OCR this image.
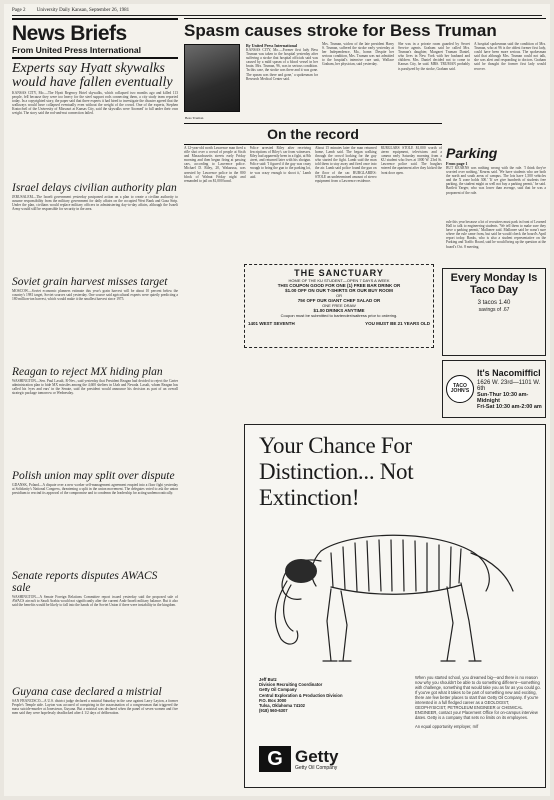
Page 2 University Daily Kansan, September 26, 1981
News Briefs
From United Press International
Experts say Hyatt skywalks would have fallen eventually
KANSAS CITY, Mo.—The Hyatt Regency Hotel skywalks, which collapsed two months ago and killed 113 people, fell because they were too heavy for the steel support rods connecting them, a city study team reported today. In a copyrighted story, the paper said that three experts it had hired to investigate the disaster agreed that the walkways would have collapsed eventually even without the weight of the crowd. One of the experts, Stephen Kratochvil of the University of Missouri at Kansas City, said the skywalks were 'doomed' to fall under their own weight. The story said the rod-and-nut connection failed.
Israel delays civilian authority plan
JERUSALEM—The Israeli government yesterday postponed action on a plan to create a civilian authority to assume responsibility from the military government for daily affairs on the occupied West Bank and Gaza Strip. Under the plan, civilians would replace military officers in administering day-to-day affairs, although the Israeli Army would still be responsible for security in the area.
Soviet grain harvest misses target
MOSCOW—Soviet economic planners estimate this year's grain harvest will be about 10 percent below the country's 1981 target, Soviet sources said yesterday. One source said agricultural experts were quietly predicting a 180 million-ton harvest, which would make it the smallest harvest since 1975.
Reagan to reject MX hiding plan
WASHINGTON—Sen. Paul Laxalt, R-Nev., said yesterday that President Reagan had decided to reject the Carter administration plan to hide MX missiles among the 4,600 shelters in Utah and Nevada. Laxalt, whom Reagan has called his 'eyes and ears' in the Senate, said the president would announce his decision as part of an overall strategic package tomorrow or Wednesday.
Polish union may split over dispute
GDANSK, Poland—A dispute over a new worker self-management agreement erupted into a floor fight yesterday at Solidarity's National Congress, threatening a split in the union movement. The delegates voted to ask the union presidium to rescind its approval of the compromise and to condemn the leadership for acting undemocratically.
Senate reports disputes AWACS sale
WASHINGTON—A Senate Foreign Relations Committee report issued yesterday said the proposed sale of AWACS aircraft to Saudi Arabia would not significantly alter the current Arab-Israeli military balance. But it also said the benefits would be likely to fall into the hands of the Soviet Union if there were instability in the kingdom.
Guyana case declared a mistrial
SAN FRANCISCO—A U.S. district judge declared a mistrial Saturday in the case against Larry Layton, a former People's Temple aide. Layton was accused of conspiring in the assassination of a congressman that triggered the mass suicide-murder at Jonestown, Guyana. But a mistrial was declared when the panel of seven women and five men said they were hopelessly deadlocked after 4 1/2 days of deliberation.
Spasm causes stroke for Bess Truman
Bess Truman
By United Press International
KANSAS CITY, Mo.—Former first lady Bess Truman was taken to the hospital yesterday after suffering a stroke that hospital officials said was caused by a mild spasm of a blood vessel in her brain. Mrs. Truman, 96, was in serious condition. 'In this case, the stroke was there and it was gone. The spasm was there and gone,' a spokesman for Research Medical Center said.
Mrs. Truman, widow of the late president Harry S. Truman, suffered the stroke early yesterday at her Independence, Mo., home. Despite her serious condition, Mrs. Truman was not admitted to the hospital's intensive care unit, Wallace Graham, her physician, said yesterday.
She was in a private room guarded by Secret Service agents. Graham said he called Mrs. Truman's daughter, Margaret Truman Daniel, who lives in New York with her husband and children. Mrs. Daniel decided not to come to Kansas City, he said. MRS. TRUMAN probably is paralyzed by the stroke, Graham said.
A hospital spokesman said the condition of Mrs. Truman, who at 96 is the oldest former first lady, could have been more serious. The spokesman said that although Mrs. Truman could not talk, she was alert and responding to doctors. Graham said he thought the former first lady would recover.
On the record
A 12-year-old north Lawrence man fired a rifle shot over a crowd of people at Sixth and Massachusetts streets early Friday morning and then began firing at passing cars, according to Lawrence police. Michael D. Riley, 20, Wakarusa, was arrested by Lawrence police in the 800 block of Walnut Friday night and remanded to jail on $1,000 bond.
Police arrested Riley after receiving descriptions of Riley's car from witnesses. Riley had apparently been in a fight, at 8th street, and returned later with his shotgun. Police said: 'I figured if the guy was crazy enough to bring the gun to the parking lot, he was crazy enough to shoot it,' Lamb said.
About 15 minutes later the man returned home, Lamb said. The began walking through the crowd looking for the guy who started the fight. Lamb said the man told them to stay away and fired once into the air. Lamb said police found the gun on the floor of the car. BURGLARIES: STOLE an undetermined amount of stereo equipment from a Lawrence residence.
BURGLARS STOLE $1,000 worth of stereo equipment, televisions and a camera early Saturday morning from a KU student who lives at 1000 W. 23rd St. Lawrence police said. The burglars entered the apartment after they kicked the front door open.
Parking
From page 1
BUT KEARNS was nothing wrong with the rule. 'I think they're worried over nothing,' Kearns said. 'We have students who are both the north and south areas of campus. The lots have 1,500 vehicles and the X zone holds 300.' 'If we give hundreds of students free parking, the student might as well not buy a parking permit,' he said. Bartlett Yaeger, who was lower than average, said that he was a proponent of the rule.
rule this year because a lot of recruiters must park in front of Learned Hall to talk to engineering students. 'We tell them to make sure they have a parking permit,' Mallonee said. Mallonee said he wasn't sure where the rule came from, but said he would check the board's April report today. Banks, who is also a student representative on the Parking and Traffic Board, said he would bring up the question at the board's Oct. 8 meeting.
THE SANCTUARY
HOME OF THE KU STUDENT—OPEN 7 DAYS A WEEK
THIS COUPON GOOD FOR ONE (1) FREE BAR DRINK OR
$1.00 OFF ON OUR T-SHIRTS OR OUR BUY ROOM
OR
75¢ OFF OUR GIANT CHEF SALAD OR
ONE FREE DRAW
$1.00 DRINKS ANYTIME
Coupon must be submitted to bartender/waitress prior to ordering.
1401 WEST SEVENTH	YOU MUST BE 21 YEARS OLD
Every Monday Is Taco Day
3 tacos 1.40
savings of .67
TACO JOHN'S
It's Nacomifficl
1626 W. 23rd—1101 W. 6th
Sun-Thur 10:30 am-Midnight
Fri-Sat 10:30 am-2:00 am
Your Chance For Distinction... Not Extinction!
Jeff Butz
Division Recruiting Coordinator
Getty Oil Company
Central Exploration & Production Division
P.O. Box 3000
Tulsa, Oklahoma 74102
(918) 560-6307
When you started school, you dreamed big—and there is no reason now why you shouldn't be able to do something different—something with challenge, something that would take you as far as you could go. If you've got what it takes to be part of something new and exciting, there are few better places to start than Getty Oil Company. If you're interested in a full fledged career as a GEOLOGIST, GEOPHYSICIST, PETROLEUM ENGINEER or CHEMICAL ENGINEER, contact your Placement Office for on-campus interview dates. Getty is a company that sets no limits on its employees.
An equal opportunity employer, m/f
G Getty
Getty Oil Company
